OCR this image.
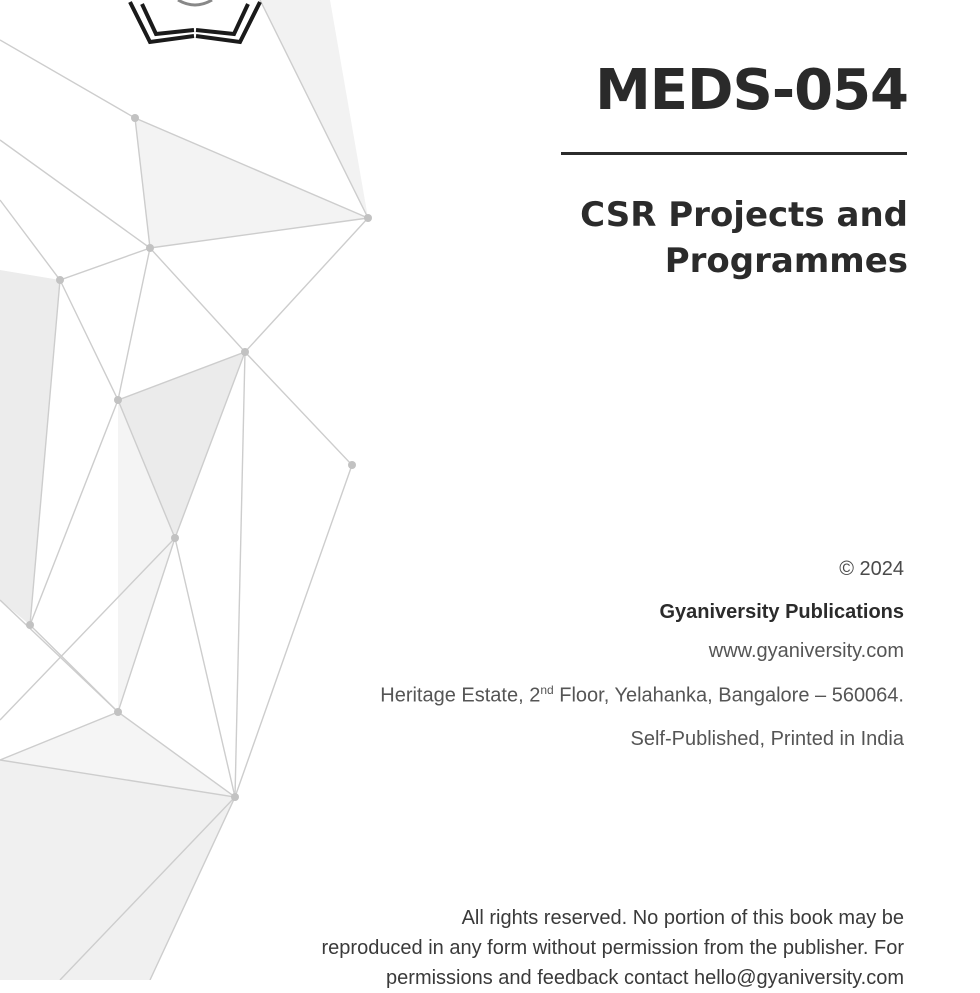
MEDS-054
CSR Projects and
Programmes

© 2024

Gyaniversity Publications

www.gyaniversity.com

Heritage Estate, 2nd Floor, Yelahanka, Bangalore – 560064.

Self-Published, Printed in India

All rights reserved. No portion of this book may be
reproduced in any form without permission from the publisher. For
permissions and feedback contact hello@gyaniversity.com
